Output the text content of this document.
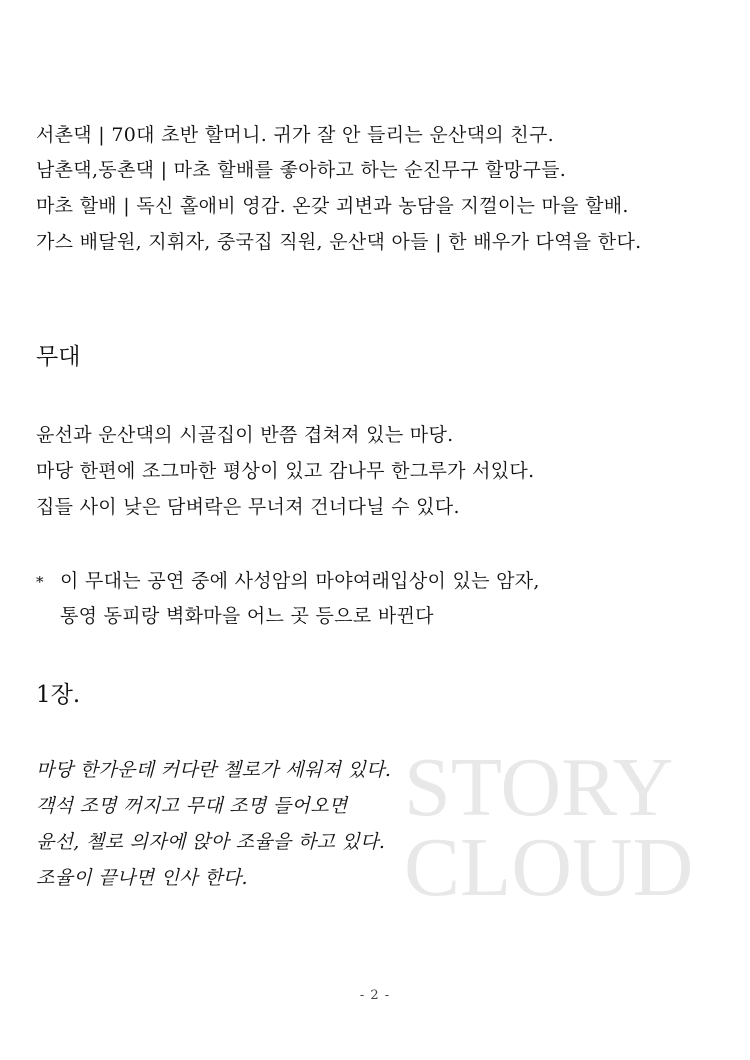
STORY
CLOUD
서촌댁 | 70대 초반 할머니. 귀가 잘 안 들리는 운산댁의 친구.
남촌댁,동촌댁 | 마초 할배를 좋아하고 하는 순진무구 할망구들.
마초 할배 | 독신 홀애비 영감. 온갖 괴변과 농담을 지껄이는 마을 할배.
가스 배달원, 지휘자, 중국집 직원, 운산댁 아들 | 한 배우가 다역을 한다.
무대
윤선과 운산댁의 시골집이 반쯤 겹쳐져 있는 마당.
마당 한편에 조그마한 평상이 있고 감나무 한그루가 서있다.
집들 사이 낮은 담벼락은 무너져 건너다닐 수 있다.
* 이 무대는 공연 중에 사성암의 마야여래입상이 있는 암자,
통영 동피랑 벽화마을 어느 곳 등으로 바뀐다
1장.
마당 한가운데 커다란 첼로가 세워져 있다.
객석 조명 꺼지고 무대 조명 들어오면
윤선, 첼로 의자에 앉아 조율을 하고 있다.
조율이 끝나면 인사 한다.
- 2 -
